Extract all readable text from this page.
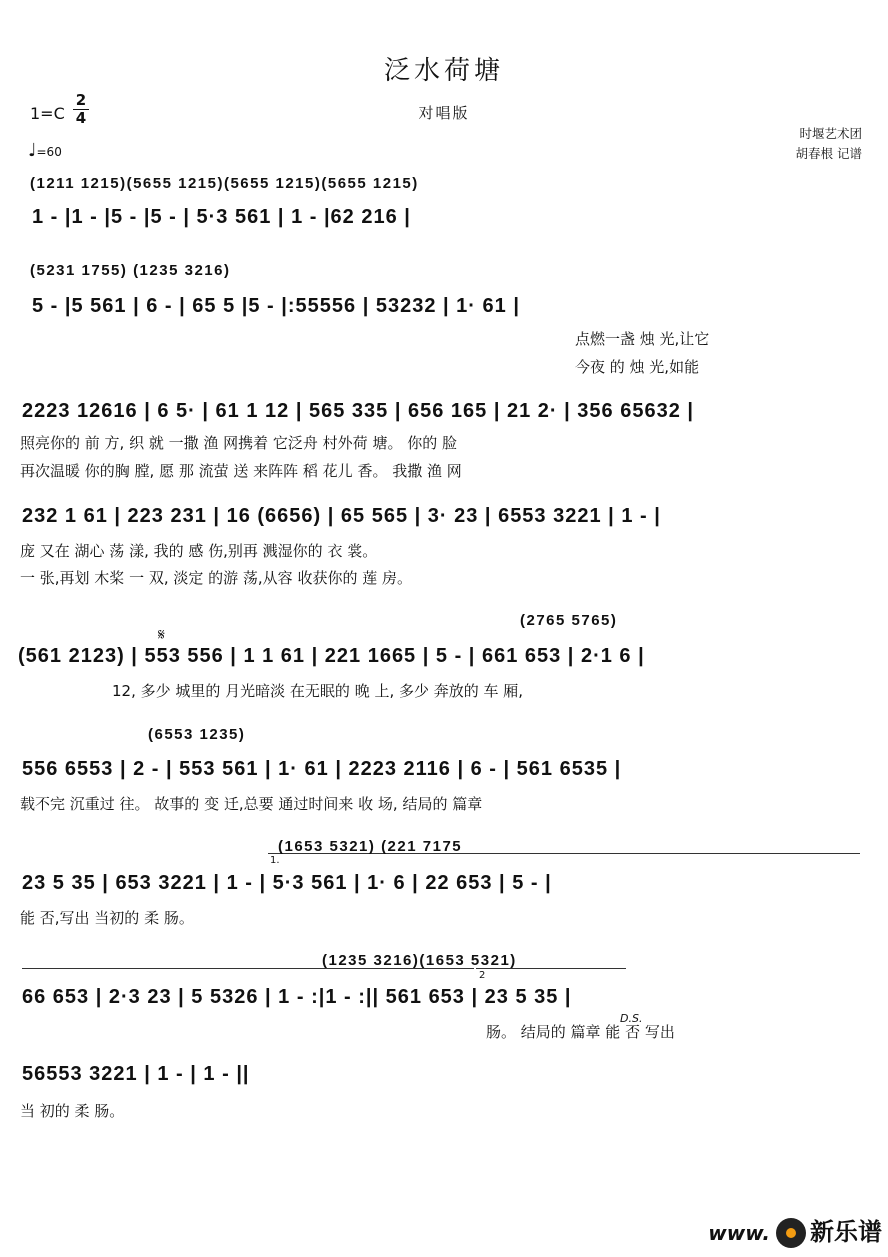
泛水荷塘
对唱版
1=C
2
4
♩=60
时堰艺术团
胡春根 记谱
(1211 1215)(5655 1215)(5655 1215)(5655 1215)
1 - |1 - |5 - |5 - | 5·3 561 | 1 - |62 216 |
(5231 1755) (1235 3216)
5 - |5 561 | 6 - | 65 5 |5 - |:55556 | 53232 | 1· 61 |
点燃一盏 烛 光,让它
今夜 的 烛 光,如能
2223 12616 | 6 5· | 61 1 12 | 565 335 | 656 165 | 21 2· | 356 65632 |
照亮你的 前 方, 织 就 一撒 渔 网携着 它泛舟 村外荷 塘。 你的 脸
再次温暖 你的胸 膛, 愿 那 流萤 送 来阵阵 稻 花儿 香。 我撒 渔 网
232 1 61 | 223 231 | 16 (6656) | 65 565 | 3· 23 | 6553 3221 | 1 - |
庞 又在 湖心 荡 漾, 我的 感 伤,别再 溅湿你的 衣 裳。
一 张,再划 木桨 一 双, 淡定 的游 荡,从容 收获你的 莲 房。
𝄋
(2765 5765)
(561 2123) | 553 556 | 1 1 61 | 221 1665 | 5 - | 661 653 | 2·1 6 |
12, 多少 城里的 月光暗淡 在无眠的 晚 上, 多少 奔放的 车 厢,
(6553 1235)
556 6553 | 2 - | 553 561 | 1· 61 | 2223 2116 | 6 - | 561 6535 |
载不完 沉重过 往。 故事的 变 迁,总要 通过时间来 收 场, 结局的 篇章
1.
(1653 5321) (221 7175
23 5 35 | 653 3221 | 1 - | 5·3 561 | 1· 6 | 22 653 | 5 - |
能 否,写出 当初的 柔 肠。
2
(1235 3216)(1653 5321)
66 653 | 2·3 23 | 5 5326 | 1 - :|1 - :|| 561 653 | 23 5 35 |
D.S.
肠。 结局的 篇章 能 否 写出
56553 3221 | 1 - | 1 - ||
当 初的 柔 肠。
www. 新乐谱
